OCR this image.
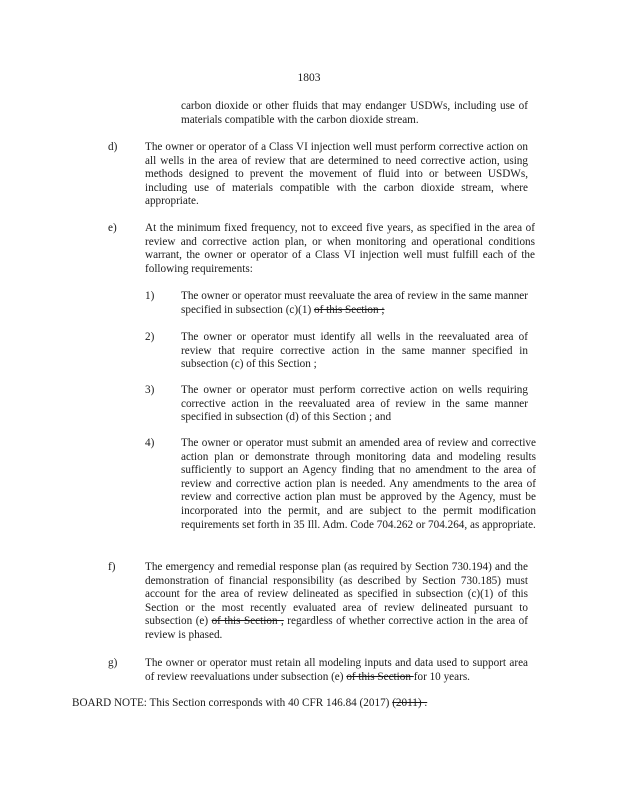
1803
carbon dioxide or other fluids that may endanger USDWs, including use of materials compatible with the carbon dioxide stream.
d) The owner or operator of a Class VI injection well must perform corrective action on all wells in the area of review that are determined to need corrective action, using methods designed to prevent the movement of fluid into or between USDWs, including use of materials compatible with the carbon dioxide stream, where appropriate.
e)	At the minimum fixed frequency, not to exceed five years, as specified in the area of review and corrective action plan, or when monitoring and operational conditions warrant, the owner or operator of a Class VI injection well must fulfill each of the following requirements:
1) The owner or operator must reevaluate the area of review in the same manner specified in subsection (c)(1) of this Section ;
2) The owner or operator must identify all wells in the reevaluated area of review that require corrective action in the same manner specified in subsection (c) of this Section ;
3) The owner or operator must perform corrective action on wells requiring corrective action in the reevaluated area of review in the same manner specified in subsection (d) of this Section ; and
4) The owner or operator must submit an amended area of review and corrective action plan or demonstrate through monitoring data and modeling results sufficiently to support an Agency finding that no amendment to the area of review and corrective action plan is needed. Any amendments to the area of review and corrective action plan must be approved by the Agency, must be incorporated into the permit, and are subject to the permit modification requirements set forth in 35 Ill. Adm. Code 704.262 or 704.264, as appropriate.
f)	The emergency and remedial response plan (as required by Section 730.194) and the demonstration of financial responsibility (as described by Section 730.185) must account for the area of review delineated as specified in subsection (c)(1) of this Section or the most recently evaluated area of review delineated pursuant to subsection (e) of this Section , regardless of whether corrective action in the area of review is phased.
g) The owner or operator must retain all modeling inputs and data used to support area of review reevaluations under subsection (e) of this Section for 10 years.
BOARD NOTE: This Section corresponds with 40 CFR 146.84 (2017) (2011) .
